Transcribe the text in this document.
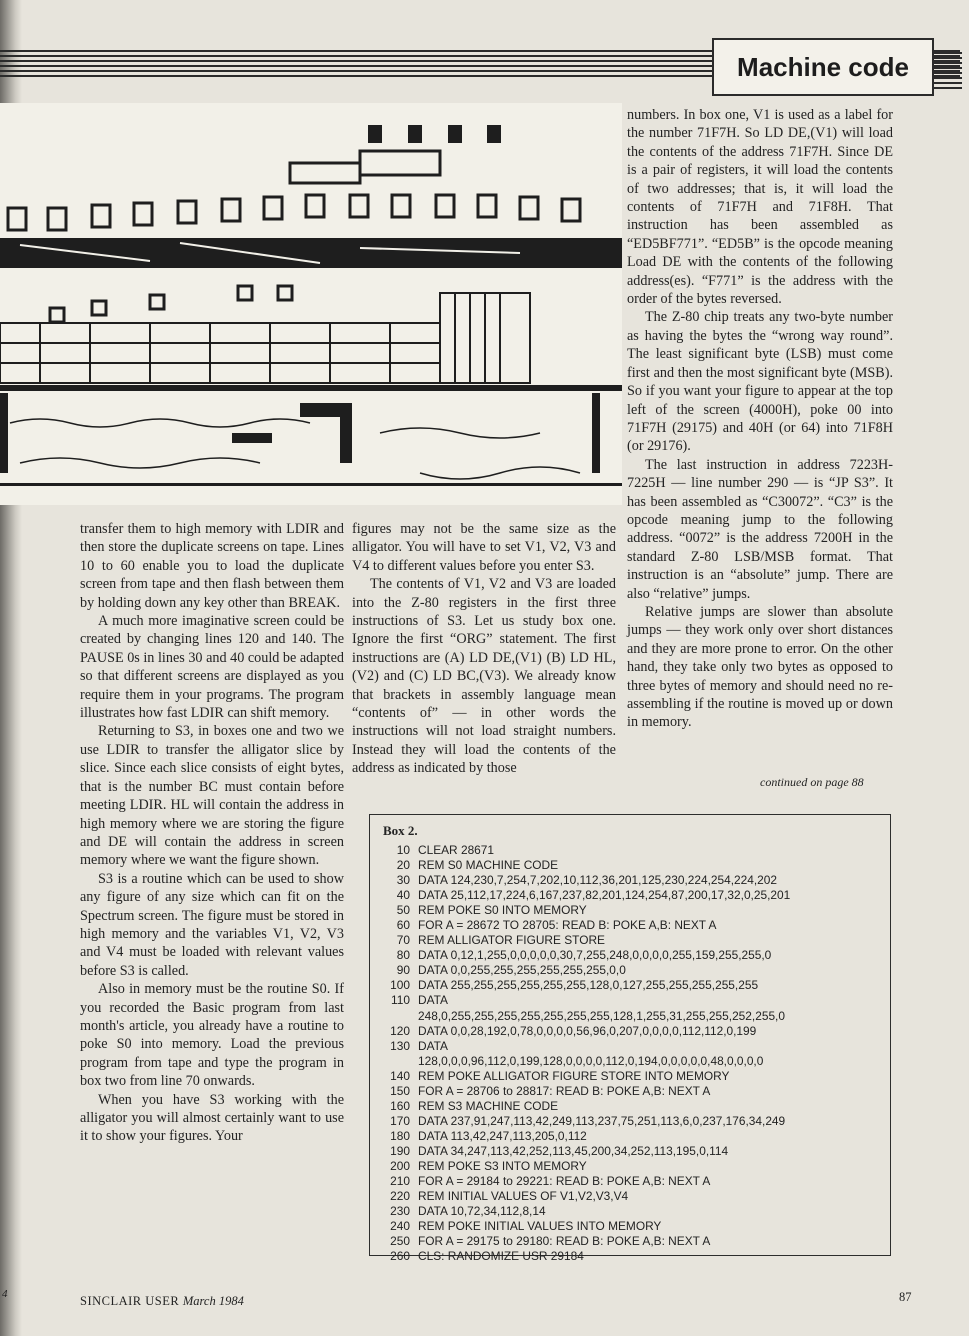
Machine code

transfer them to high memory with LDIR and then store the duplicate screens on tape. Lines 10 to 60 enable you to load the duplicate screen from tape and then flash between them by holding down any key other than BREAK.

A much more imaginative screen could be created by changing lines 120 and 140. The PAUSE 0s in lines 30 and 40 could be adapted so that different screens are displayed as you require them in your programs. The program illustrates how fast LDIR can shift memory.

Returning to S3, in boxes one and two we use LDIR to transfer the alligator slice by slice. Since each slice consists of eight bytes, that is the number BC must contain before meeting LDIR. HL will contain the address in high memory where we are storing the figure and DE will contain the address in screen memory where we want the figure shown.

S3 is a routine which can be used to show any figure of any size which can fit on the Spectrum screen. The figure must be stored in high memory and the variables V1, V2, V3 and V4 must be loaded with relevant values before S3 is called.

Also in memory must be the routine S0. If you recorded the Basic program from last month's article, you already have a routine to poke S0 into memory. Load the previous program from tape and type the program in box two from line 70 onwards.

When you have S3 working with the alligator you will almost certainly want to use it to show your figures. Your

figures may not be the same size as the alligator. You will have to set V1, V2, V3 and V4 to different values before you enter S3.

The contents of V1, V2 and V3 are loaded into the Z-80 registers in the first three instructions of S3. Let us study box one. Ignore the first “ORG” statement. The first instructions are (A) LD DE,(V1) (B) LD HL,(V2) and (C) LD BC,(V3). We already know that brackets in assembly language mean “contents of” — in other words the instructions will not load straight numbers. Instead they will load the contents of the address as indicated by those

numbers. In box one, V1 is used as a label for the number 71F7H. So LD DE,(V1) will load the contents of the address 71F7H. Since DE is a pair of registers, it will load the contents of two addresses; that is, it will load the contents of 71F7H and 71F8H. That instruction has been assembled as “ED5BF771”. “ED5B” is the opcode meaning Load DE with the contents of the following address(es). “F771” is the address with the order of the bytes reversed.

The Z-80 chip treats any two-byte number as having the bytes the “wrong way round”. The least significant byte (LSB) must come first and then the most significant byte (MSB). So if you want your figure to appear at the top left of the screen (4000H), poke 00 into 71F7H (29175) and 40H (or 64) into 71F8H (or 29176).

The last instruction in address 7223H-7225H — line number 290 — is “JP S3”. It has been assembled as “C30072”. “C3” is the opcode meaning jump to the following address. “0072” is the address 7200H in the standard Z-80 LSB/MSB format. That instruction is an “absolute” jump. There are also “relative” jumps.

Relative jumps are slower than absolute jumps — they work only over short distances and they are more prone to error. On the other hand, they take only two bytes as opposed to three bytes of memory and should need no re-assembling if the routine is moved up or down in memory.

continued on page 88
Box 2.
10 CLEAR 28671
20 REM S0 MACHINE CODE
30 DATA 124,230,7,254,7,202,10,112,36,201,125,230,224,254,224,202
40 DATA 25,112,17,224,6,167,237,82,201,124,254,87,200,17,32,0,25,201
50 REM POKE S0 INTO MEMORY
60 FOR A = 28672 TO 28705: READ B: POKE A,B: NEXT A
70 REM ALLIGATOR FIGURE STORE
80 DATA 0,12,1,255,0,0,0,0,0,30,7,255,248,0,0,0,0,255,159,255,255,0
90 DATA 0,0,255,255,255,255,255,255,0,0
100 DATA 255,255,255,255,255,255,128,0,127,255,255,255,255,255
110 DATA
248,0,255,255,255,255,255,255,255,128,1,255,31,255,255,252,255,0
120 DATA 0,0,28,192,0,78,0,0,0,0,56,96,0,207,0,0,0,0,112,112,0,199
130 DATA
128,0,0,0,96,112,0,199,128,0,0,0,0,112,0,194,0,0,0,0,0,48,0,0,0,0
140 REM POKE ALLIGATOR FIGURE STORE INTO MEMORY
150 FOR A = 28706 to 28817: READ B: POKE A,B: NEXT A
160 REM S3 MACHINE CODE
170 DATA 237,91,247,113,42,249,113,237,75,251,113,6,0,237,176,34,249
180 DATA 113,42,247,113,205,0,112
190 DATA 34,247,113,42,252,113,45,200,34,252,113,195,0,114
200 REM POKE S3 INTO MEMORY
210 FOR A = 29184 to 29221: READ B: POKE A,B: NEXT A
220 REM INITIAL VALUES OF V1,V2,V3,V4
230 DATA 10,72,34,112,8,14
240 REM POKE INITIAL VALUES INTO MEMORY
250 FOR A = 29175 to 29180: READ B: POKE A,B: NEXT A
260 CLS: RANDOMIZE USR 29184
SINCLAIR USER March 1984	87
4
